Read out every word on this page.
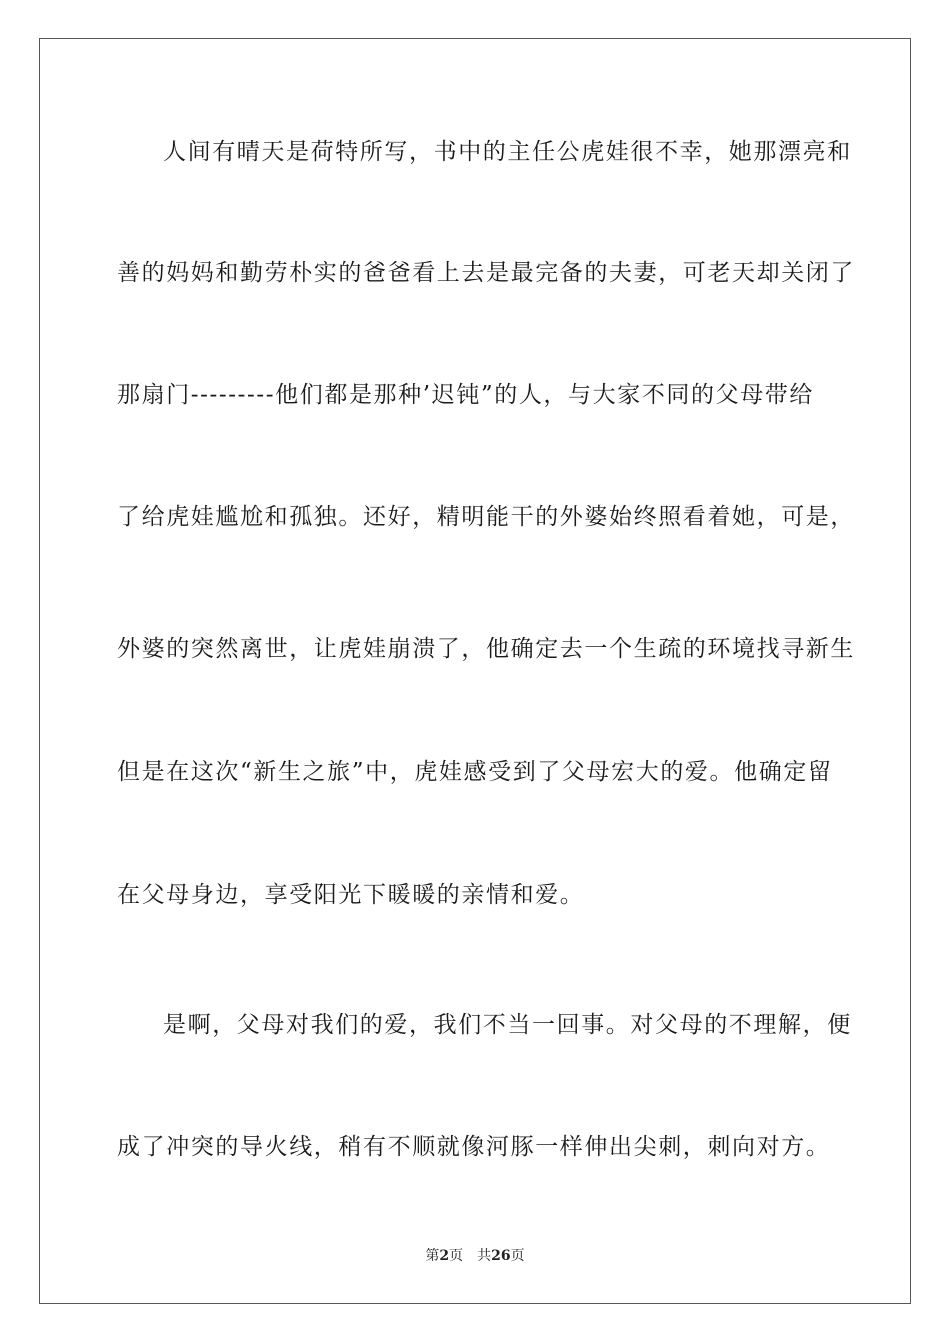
人间有晴天是荷特所写，书中的主任公虎娃很不幸，她那漂亮和
善的妈妈和勤劳朴实的爸爸看上去是最完备的夫妻，可老天却关闭了
那扇门---------他们都是那种’迟钝”的人，与大家不同的父母带给
了给虎娃尴尬和孤独。还好，精明能干的外婆始终照看着她，可是，
外婆的突然离世，让虎娃崩溃了，他确定去一个生疏的环境找寻新生
但是在这次“新生之旅”中，虎娃感受到了父母宏大的爱。他确定留
在父母身边，享受阳光下暖暖的亲情和爱。
是啊，父母对我们的爱，我们不当一回事。对父母的不理解，便
成了冲突的导火线，稍有不顺就像河豚一样伸出尖刺，刺向对方。
第2页 共26页
